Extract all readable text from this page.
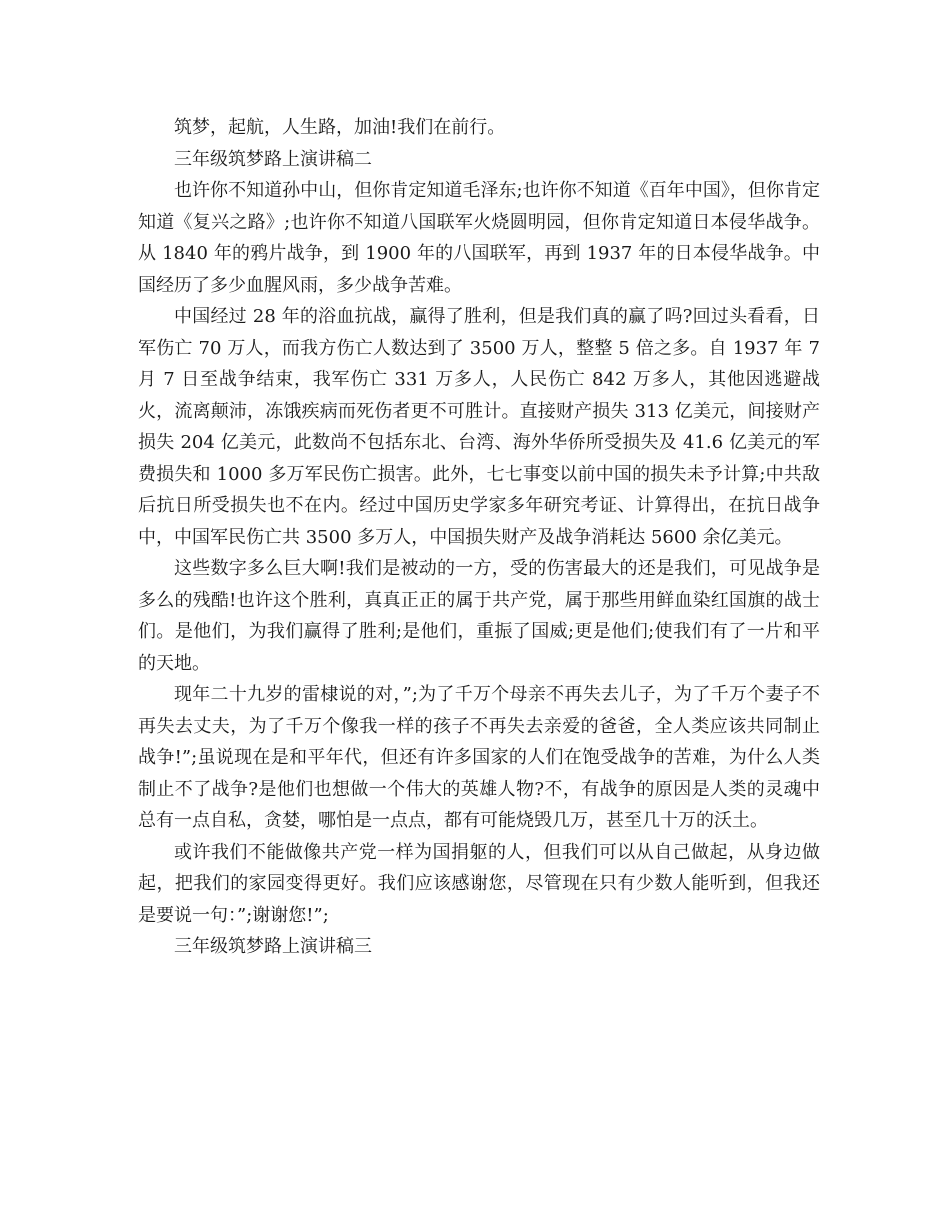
筑梦，起航，人生路，加油!我们在前行。

三年级筑梦路上演讲稿二

也许你不知道孙中山，但你肯定知道毛泽东;也许你不知道《百年中国》，但你肯定知道《复兴之路》;也许你不知道八国联军火烧圆明园，但你肯定知道日本侵华战争。从 1840 年的鸦片战争，到 1900 年的八国联军，再到 1937 年的日本侵华战争。中国经历了多少血腥风雨，多少战争苦难。

中国经过 28 年的浴血抗战，赢得了胜利，但是我们真的赢了吗?回过头看看，日军伤亡 70 万人，而我方伤亡人数达到了 3500 万人，整整 5 倍之多。自 1937 年 7 月 7 日至战争结束，我军伤亡 331 万多人，人民伤亡 842 万多人，其他因逃避战火，流离颠沛，冻饿疾病而死伤者更不可胜计。直接财产损失 313 亿美元，间接财产损失 204 亿美元，此数尚不包括东北、台湾、海外华侨所受损失及 41.6 亿美元的军费损失和 1000 多万军民伤亡损害。此外，七七事变以前中国的损失未予计算;中共敌后抗日所受损失也不在内。经过中国历史学家多年研究考证、计算得出，在抗日战争中，中国军民伤亡共 3500 多万人，中国损失财产及战争消耗达 5600 余亿美元。

这些数字多么巨大啊!我们是被动的一方，受的伤害最大的还是我们，可见战争是多么的残酷!也许这个胜利，真真正正的属于共产党，属于那些用鲜血染红国旗的战士们。是他们，为我们赢得了胜利;是他们，重振了国威;更是他们;使我们有了一片和平的天地。

现年二十九岁的雷棣说的对，”;为了千万个母亲不再失去儿子，为了千万个妻子不再失去丈夫，为了千万个像我一样的孩子不再失去亲爱的爸爸，全人类应该共同制止战争!”;虽说现在是和平年代，但还有许多国家的人们在饱受战争的苦难，为什么人类制止不了战争?是他们也想做一个伟大的英雄人物?不，有战争的原因是人类的灵魂中总有一点自私，贪婪，哪怕是一点点，都有可能烧毁几万，甚至几十万的沃土。

或许我们不能做像共产党一样为国捐躯的人，但我们可以从自己做起，从身边做起，把我们的家园变得更好。我们应该感谢您，尽管现在只有少数人能听到，但我还是要说一句：”;谢谢您!”;

三年级筑梦路上演讲稿三
